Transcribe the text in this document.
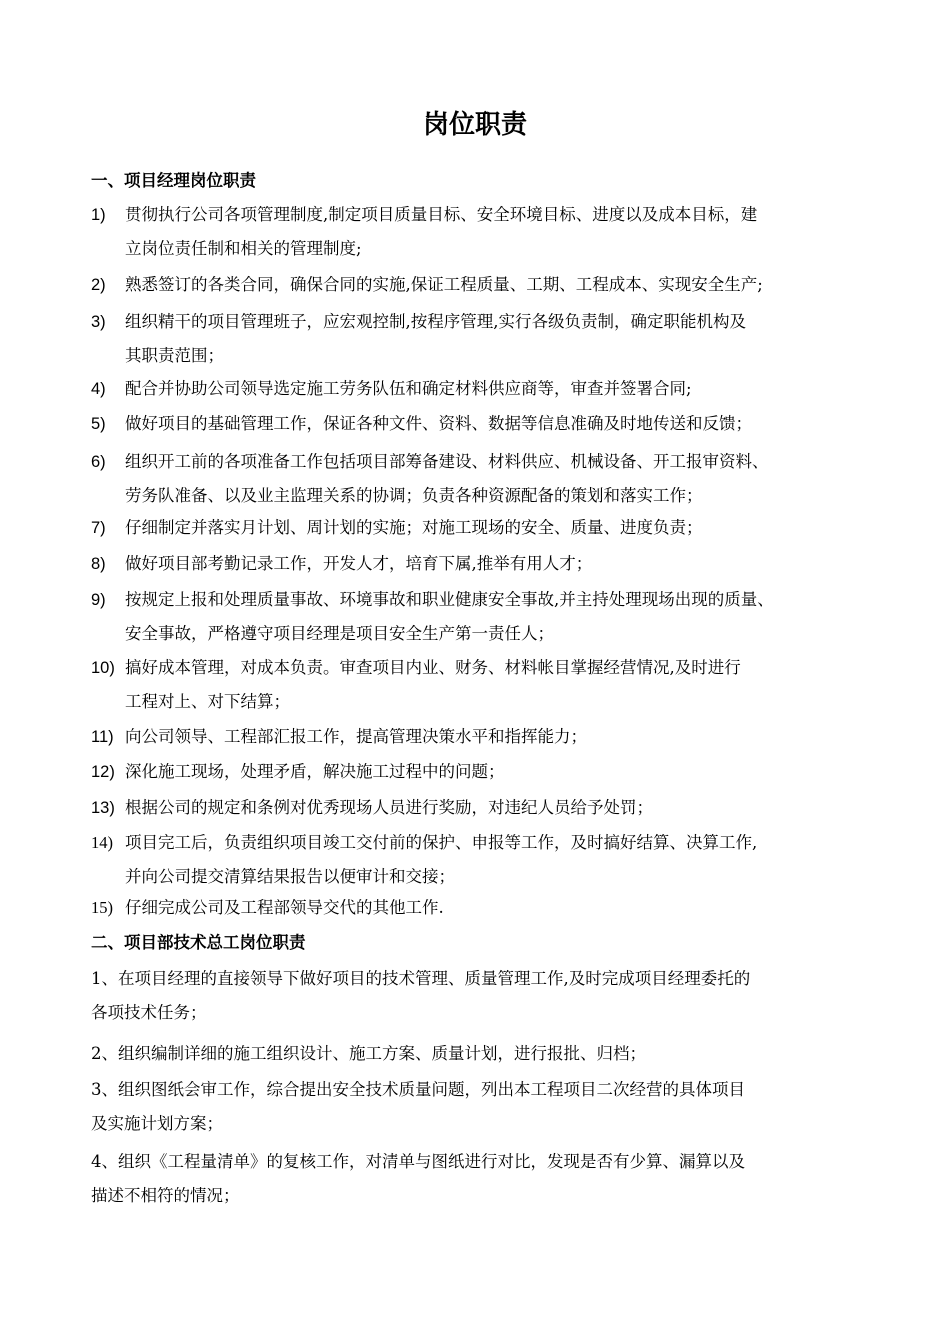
岗位职责
一、项目经理岗位职责
1) 贯彻执行公司各项管理制度,制定项目质量目标、安全环境目标、进度以及成本目标，建
立岗位责任制和相关的管理制度;
2) 熟悉签订的各类合同，确保合同的实施,保证工程质量、工期、工程成本、实现安全生产;
3) 组织精干的项目管理班子，应宏观控制,按程序管理,实行各级负责制，确定职能机构及
其职责范围；
4) 配合并协助公司领导选定施工劳务队伍和确定材料供应商等，审查并签署合同;
5) 做好项目的基础管理工作，保证各种文件、资料、数据等信息准确及时地传送和反馈；
6) 组织开工前的各项准备工作包括项目部筹备建设、材料供应、机械设备、开工报审资料、
劳务队准备、以及业主监理关系的协调；负责各种资源配备的策划和落实工作；
7) 仔细制定并落实月计划、周计划的实施；对施工现场的安全、质量、进度负责；
8) 做好项目部考勤记录工作，开发人才，培育下属,推举有用人才；
9) 按规定上报和处理质量事故、环境事故和职业健康安全事故,并主持处理现场出现的质量、
安全事故，严格遵守项目经理是项目安全生产第一责任人；
10) 搞好成本管理，对成本负责。审查项目内业、财务、材料帐目掌握经营情况,及时进行
工程对上、对下结算；
11) 向公司领导、工程部汇报工作，提高管理决策水平和指挥能力；
12) 深化施工现场，处理矛盾，解决施工过程中的问题；
13) 根据公司的规定和条例对优秀现场人员进行奖励，对违纪人员给予处罚；
14) 项目完工后，负责组织项目竣工交付前的保护、申报等工作，及时搞好结算、决算工作,
并向公司提交清算结果报告以便审计和交接；
15) 仔细完成公司及工程部领导交代的其他工作.
二、项目部技术总工岗位职责
1、在项目经理的直接领导下做好项目的技术管理、质量管理工作,及时完成项目经理委托的
各项技术任务；
2、组织编制详细的施工组织设计、施工方案、质量计划，进行报批、归档；
3、组织图纸会审工作，综合提出安全技术质量问题，列出本工程项目二次经营的具体项目
及实施计划方案；
4、组织《工程量清单》的复核工作，对清单与图纸进行对比，发现是否有少算、漏算以及
描述不相符的情况；
